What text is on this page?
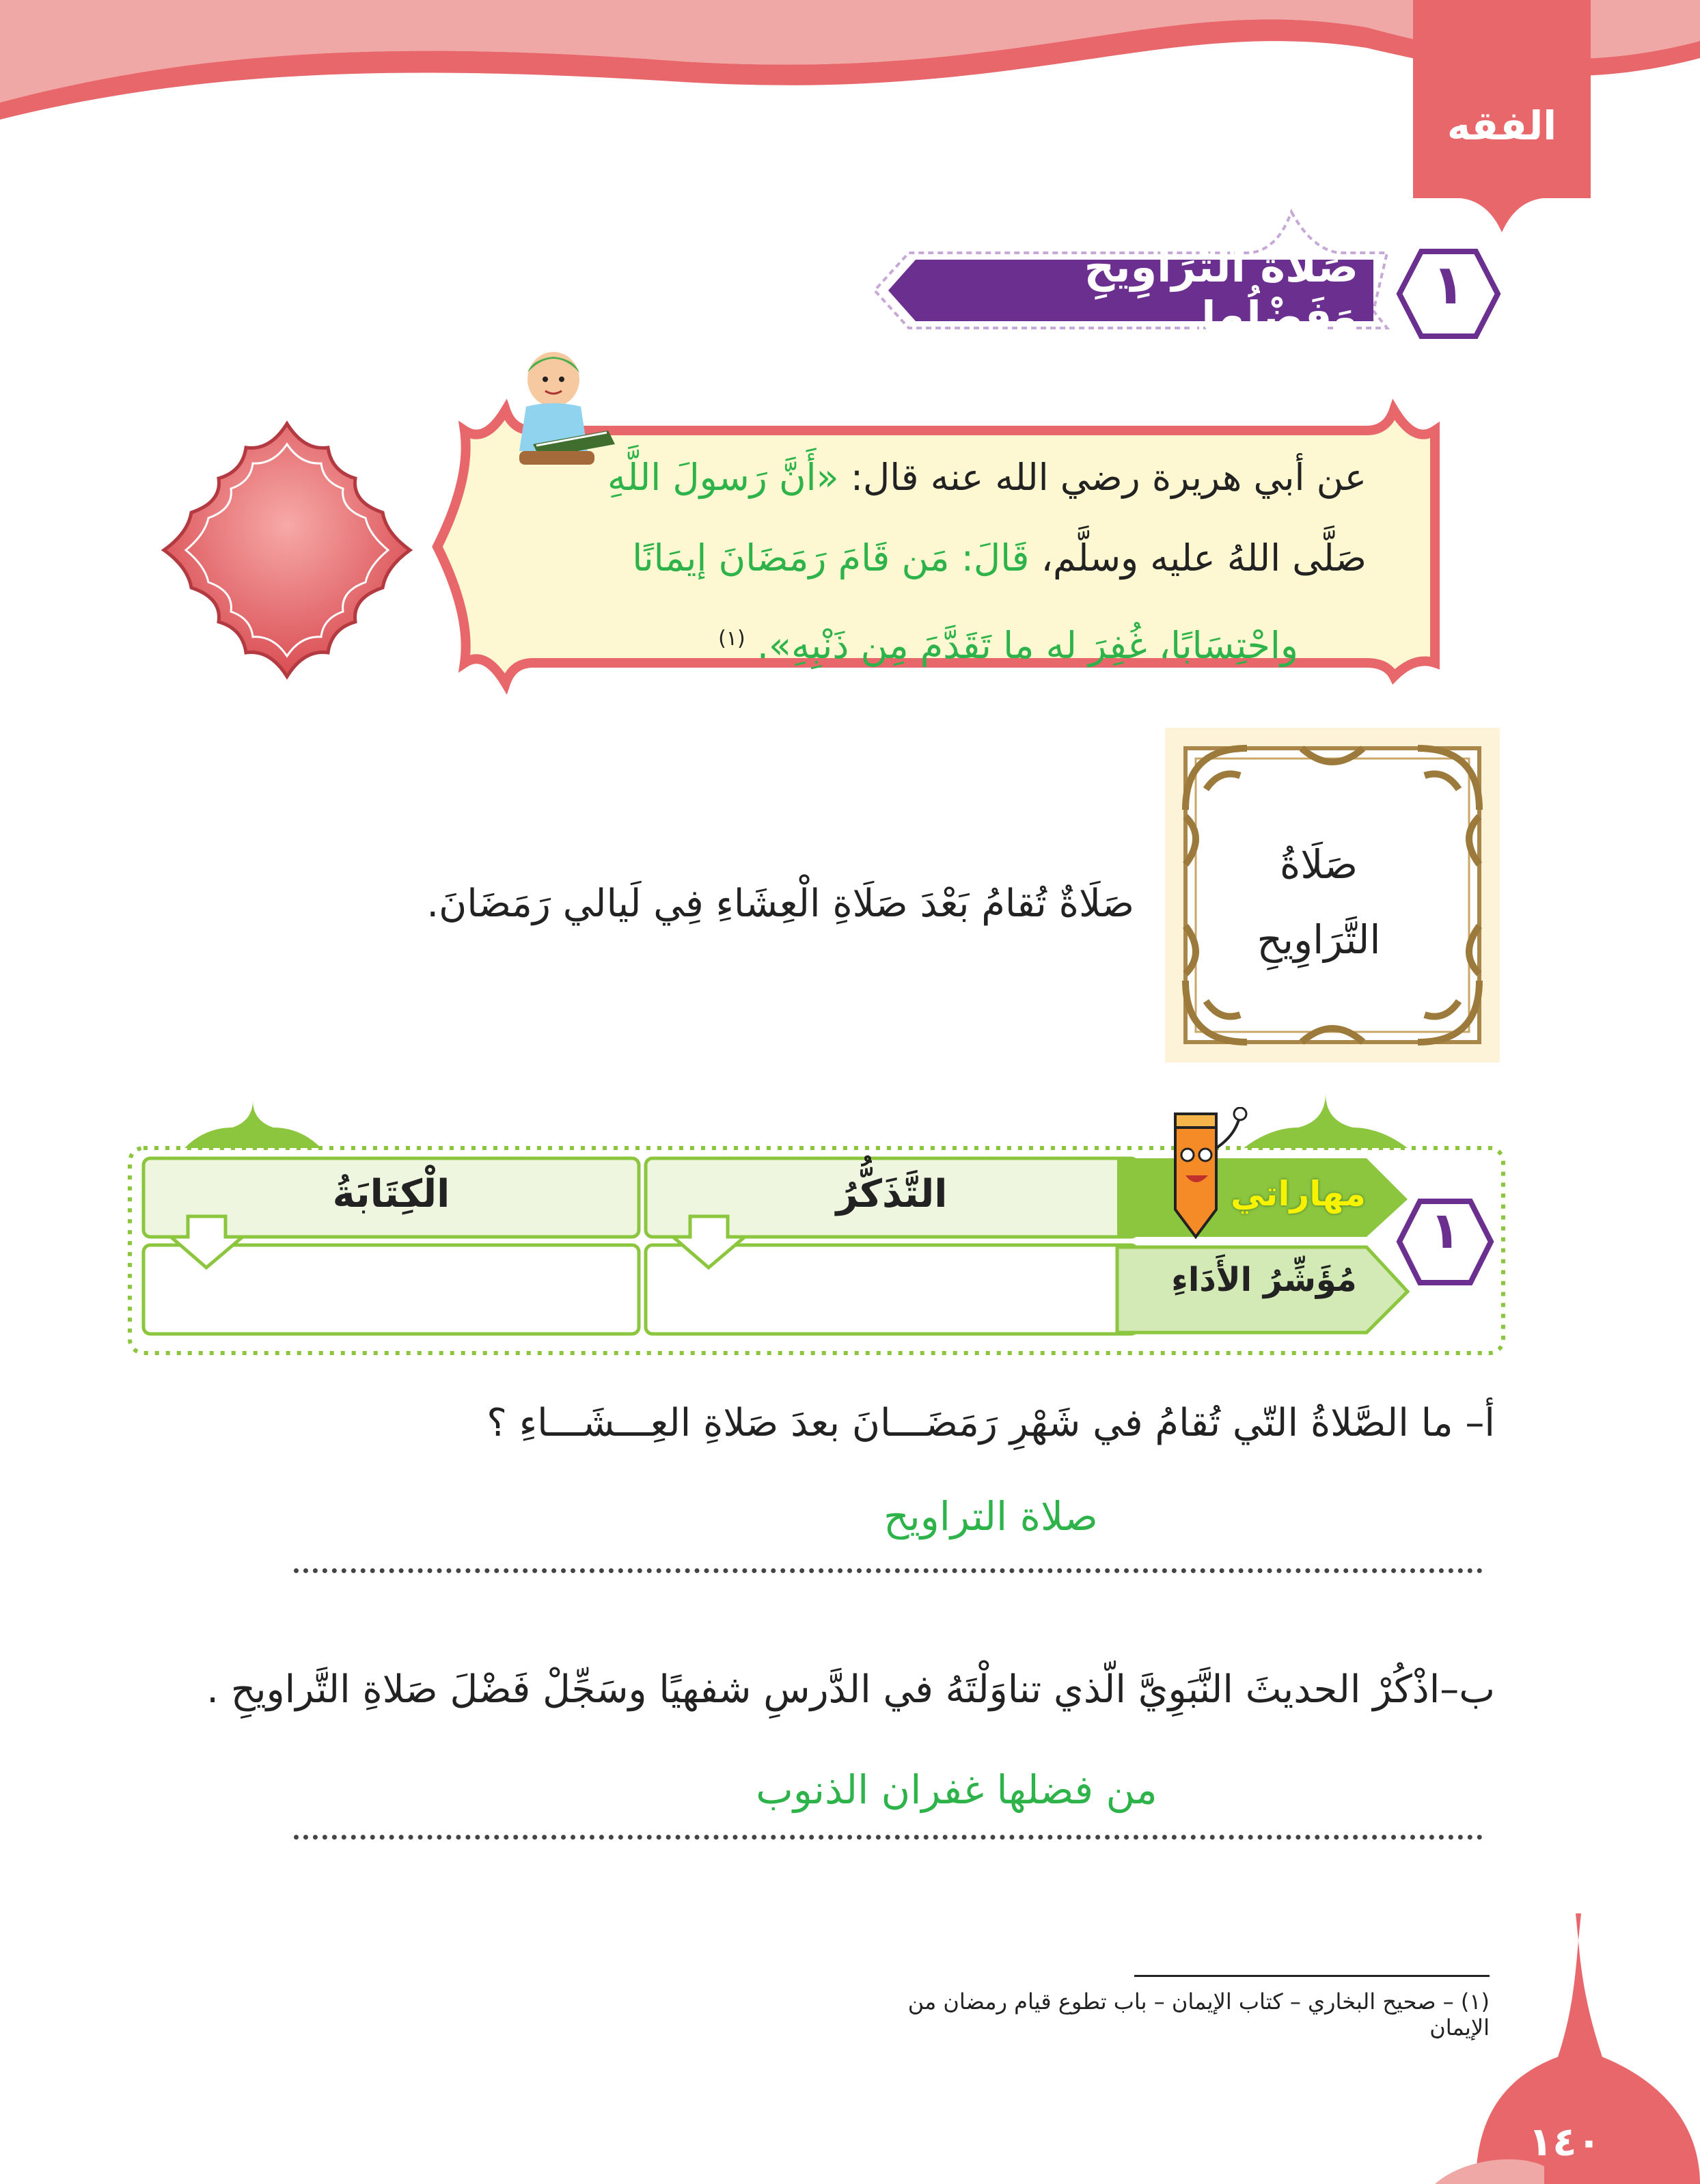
الفقه
١
صَلَاةُ التَّرَاوِيحِ وَفَضْلُها.
عن أبي هريرة رضي الله عنه قال: «أَنَّ رَسولَ اللَّهِ
صَلَّى اللهُ عليه وسلَّم، قَالَ: مَن قَامَ رَمَضَانَ إيمَانًا
واحْتِسَابًا، غُفِرَ له ما تَقَدَّمَ مِن ذَنْبِهِ». $^{(١)}$
صَلَاةُ
التَّرَاوِيحِ
صَلَاةٌ تُقامُ بَعْدَ صَلَاةِ الْعِشَاءِ فِي لَيالي رَمَضَانَ.
١
مهاراتي
مُؤَشِّرُ الأَدَاءِ
التَّذَكُّرُ
الْكِتَابَةُ
أ– ما الصَّلاةُ التّي تُقامُ في شَهْرِ رَمَضَـــانَ بعدَ صَلاةِ العِـــشَـــاءِ ؟
صلاة التراويح
ب–اذْكُرْ الحديثَ النَّبَوِيَّ الّذي تناوَلْتَهُ في الدَّرسِ شفهيًا وسَجِّلْ فَضْلَ صَلاةِ التَّراويحِ .
من فضلها غفران الذنوب
(١) – صحيح البخاري – كتاب الإيمان – باب تطوع قيام رمضان من الإيمان
١٤٠
